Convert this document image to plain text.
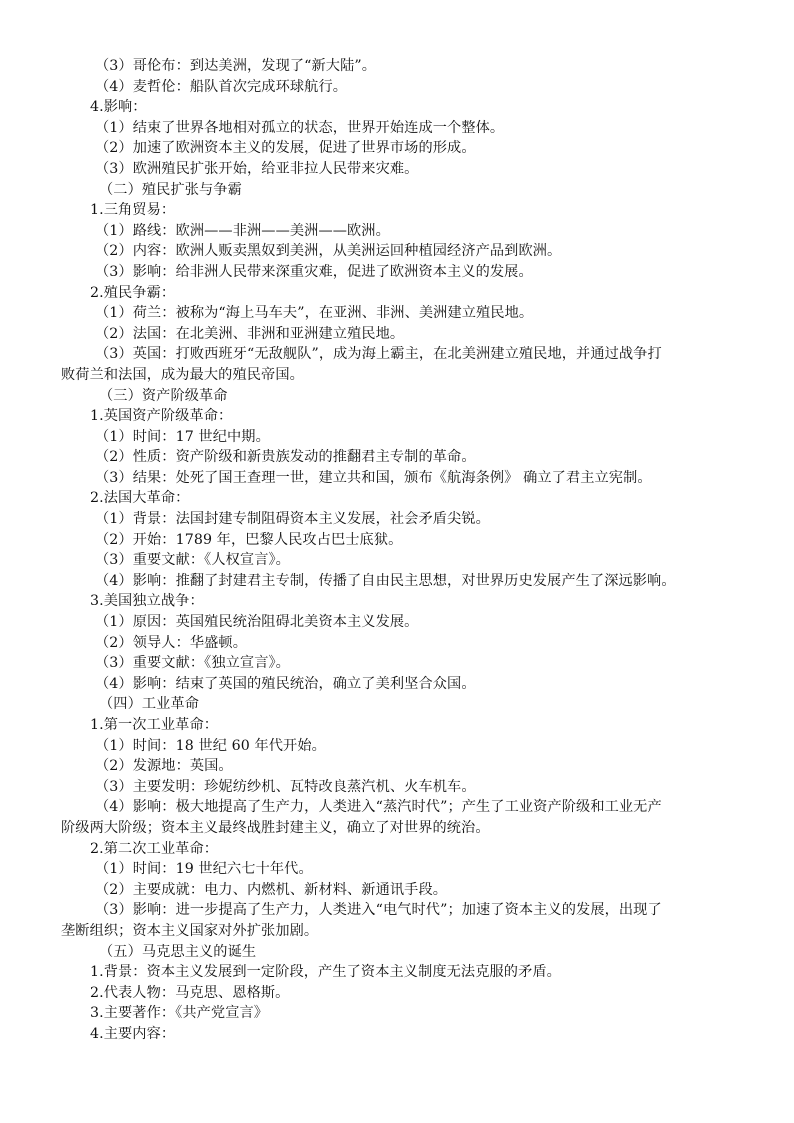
（3）哥伦布：到达美洲，发现了“新大陆”。
（4）麦哲伦：船队首次完成环球航行。
4.影响：
（1）结束了世界各地相对孤立的状态，世界开始连成一个整体。
（2）加速了欧洲资本主义的发展，促进了世界市场的形成。
（3）欧洲殖民扩张开始，给亚非拉人民带来灾难。
（二）殖民扩张与争霸
1.三角贸易：
（1）路线：欧洲——非洲——美洲——欧洲。
（2）内容：欧洲人贩卖黑奴到美洲，从美洲运回种植园经济产品到欧洲。
（3）影响：给非洲人民带来深重灾难，促进了欧洲资本主义的发展。
2.殖民争霸：
（1）荷兰：被称为“海上马车夫”，在亚洲、非洲、美洲建立殖民地。
（2）法国：在北美洲、非洲和亚洲建立殖民地。
（3）英国：打败西班牙“无敌舰队”，成为海上霸主，在北美洲建立殖民地，并通过战争打
败荷兰和法国，成为最大的殖民帝国。
（三）资产阶级革命
1.英国资产阶级革命：
（1）时间：17 世纪中期。
（2）性质：资产阶级和新贵族发动的推翻君主专制的革命。
（3）结果：处死了国王查理一世，建立共和国，颁布《航海条例》 确立了君主立宪制。
2.法国大革命：
（1）背景：法国封建专制阻碍资本主义发展，社会矛盾尖锐。
（2）开始：1789 年，巴黎人民攻占巴士底狱。
（3）重要文献：《人权宣言》。
（4）影响：推翻了封建君主专制，传播了自由民主思想，对世界历史发展产生了深远影响。
3.美国独立战争：
（1）原因：英国殖民统治阻碍北美资本主义发展。
（2）领导人：华盛顿。
（3）重要文献：《独立宣言》。
（4）影响：结束了英国的殖民统治，确立了美利坚合众国。
（四）工业革命
1.第一次工业革命：
（1）时间：18 世纪 60 年代开始。
（2）发源地：英国。
（3）主要发明：珍妮纺纱机、瓦特改良蒸汽机、火车机车。
（4）影响：极大地提高了生产力，人类进入“蒸汽时代”；产生了工业资产阶级和工业无产
阶级两大阶级；资本主义最终战胜封建主义，确立了对世界的统治。
2.第二次工业革命：
（1）时间：19 世纪六七十年代。
（2）主要成就：电力、内燃机、新材料、新通讯手段。
（3）影响：进一步提高了生产力，人类进入“电气时代”；加速了资本主义的发展，出现了
垄断组织；资本主义国家对外扩张加剧。
（五）马克思主义的诞生
1.背景：资本主义发展到一定阶段，产生了资本主义制度无法克服的矛盾。
2.代表人物：马克思、恩格斯。
3.主要著作：《共产党宣言》
4.主要内容：
